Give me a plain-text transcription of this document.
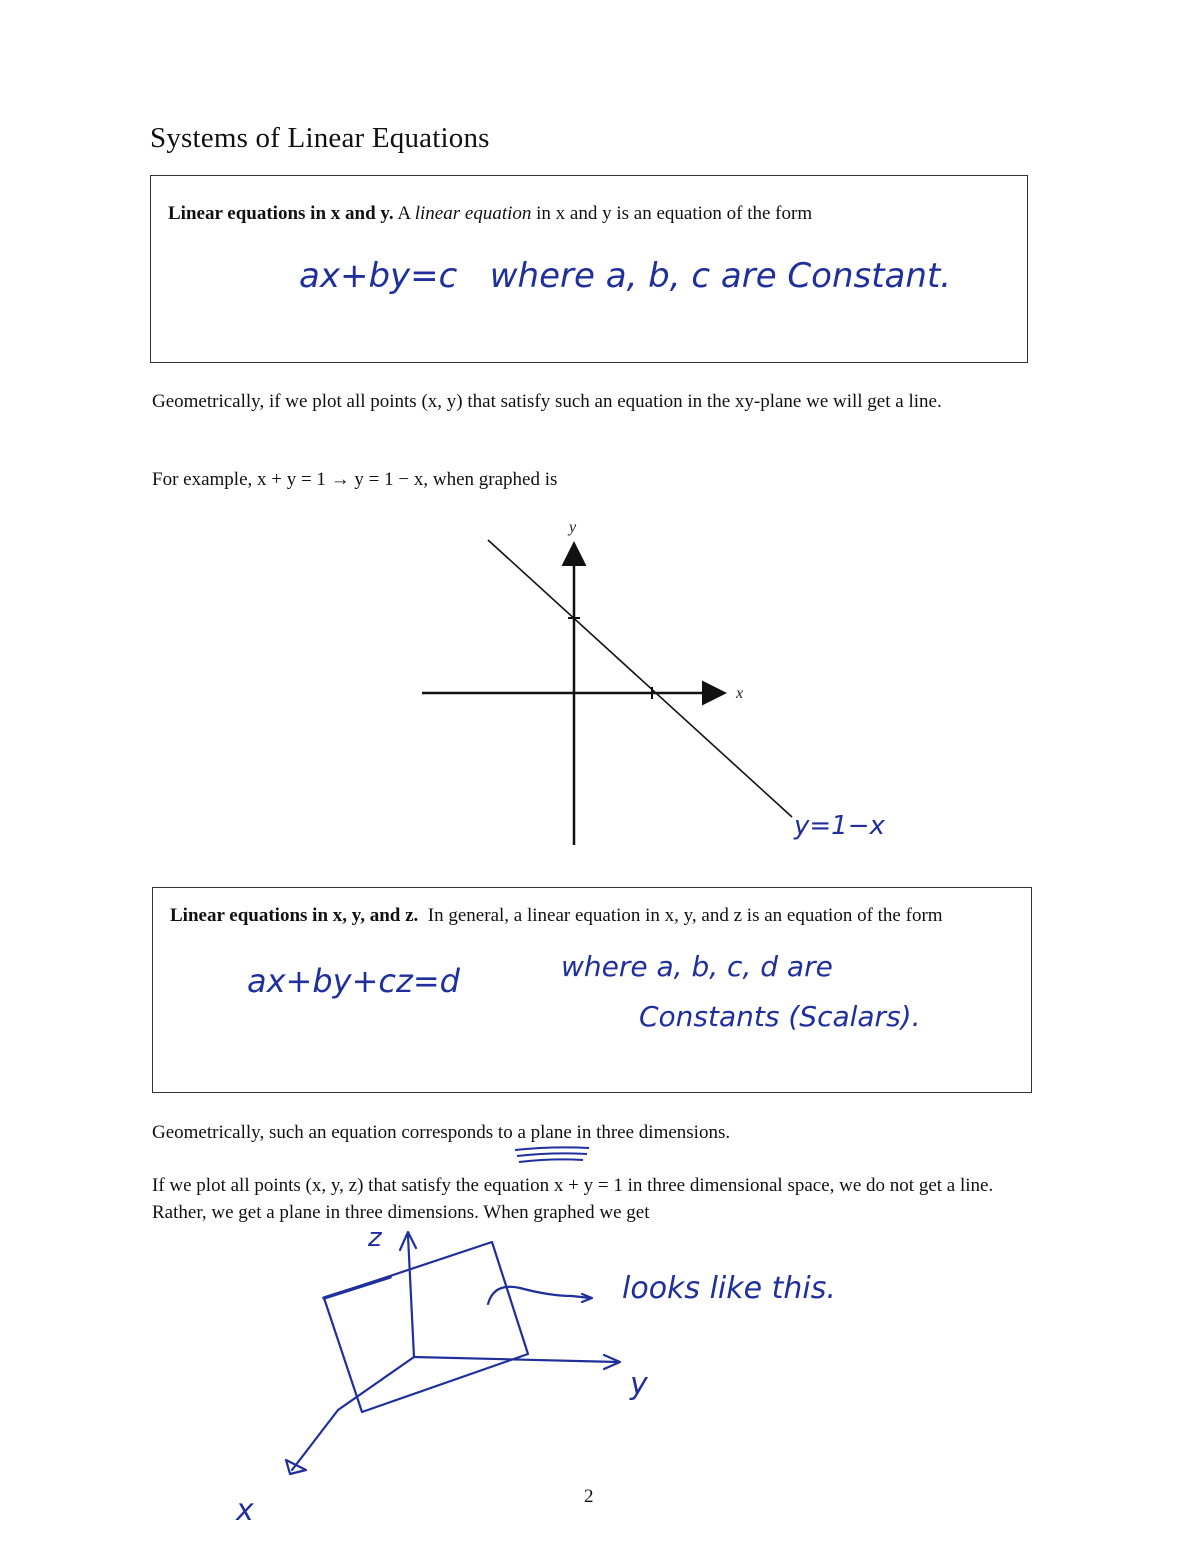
Systems of Linear Equations
Linear equations in x and y. A linear equation in x and y is an equation of the form
ax+by=c   where a, b, c are Constant.
Geometrically, if we plot all points (x, y) that satisfy such an equation in the xy-plane we will get a line.
For example, x + y = 1 → y = 1 − x, when graphed is
x
y
y=1−x
Linear equations in x, y, and z. In general, a linear equation in x, y, and z is an equation of the form
ax+by+cz=d	where a, b, c, d are
Constants (Scalars).
Geometrically, such an equation corresponds to a plane
in three dimensions.
If we plot all points (x, y, z) that satisfy the equation x + y = 1 in three dimensional space, we do not get a line. Rather, we get a plane in three dimensions. When graphed we get
z
y
x
looks like this.
2
